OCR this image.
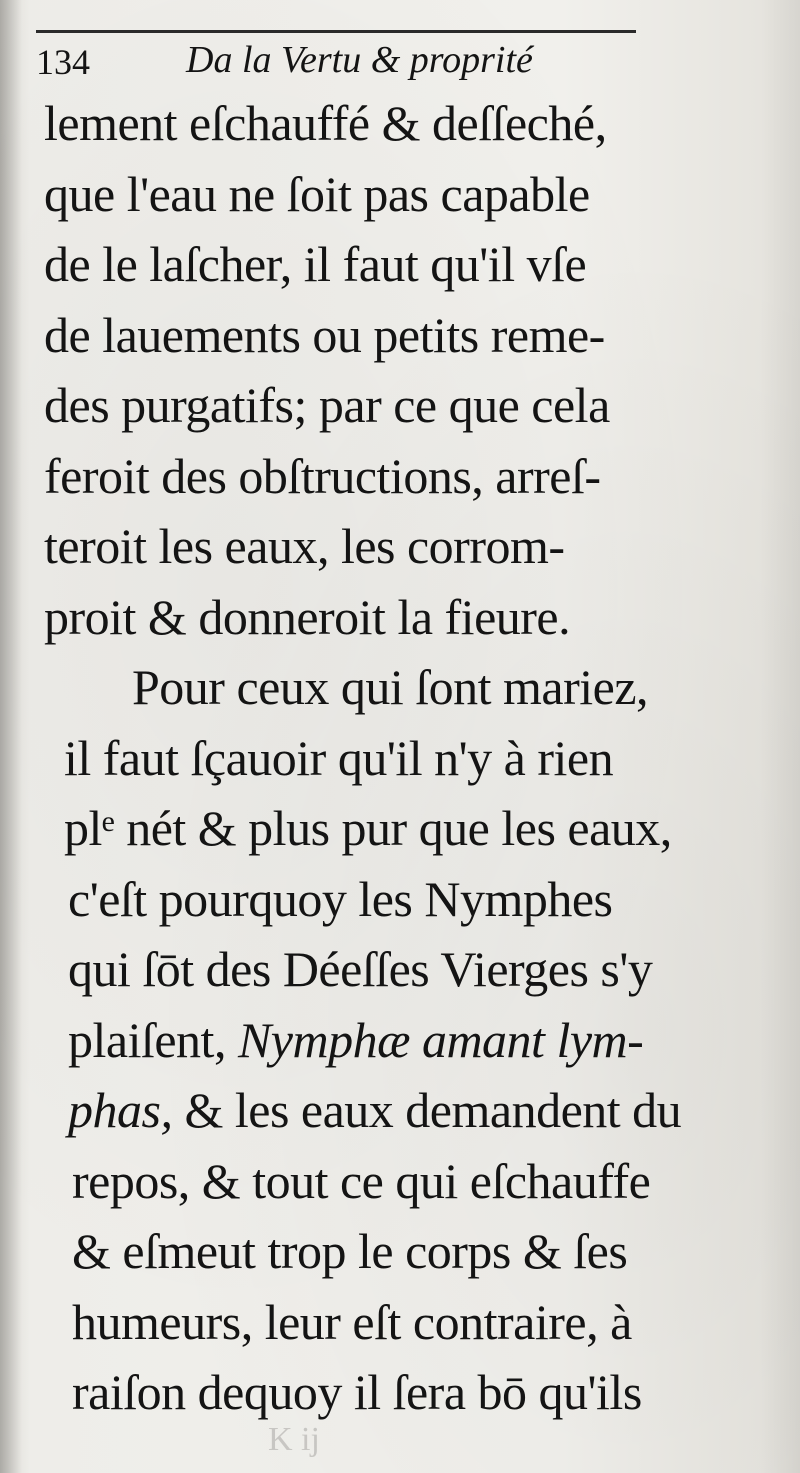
134	Da la Vertu & proprité
lement eſchauffé & deſſeché,
que l'eau ne ſoit pas capable
de le laſcher, il faut qu'il vſe
de lauements ou petits reme-
des purgatifs; par ce que cela
feroit des obſtructions, arreſ-
teroit les eaux, les corrom-
proit & donneroit la fieure.
Pour ceux qui ſont mariez,
il faut ſçauoir qu'il n'y à rien
plᵉ nét & plus pur que les eaux,
c'eſt pourquoy les Nymphes
qui ſōt des Déeſſes Vierges s'y
plaiſent, Nymphæ amant lym-
phas, & les eaux demandent du
repos, & tout ce qui eſchauffe
& eſmeut trop le corps & ſes
humeurs, leur eſt contraire, à
raiſon dequoy il ſera bō qu'ils
K ij
